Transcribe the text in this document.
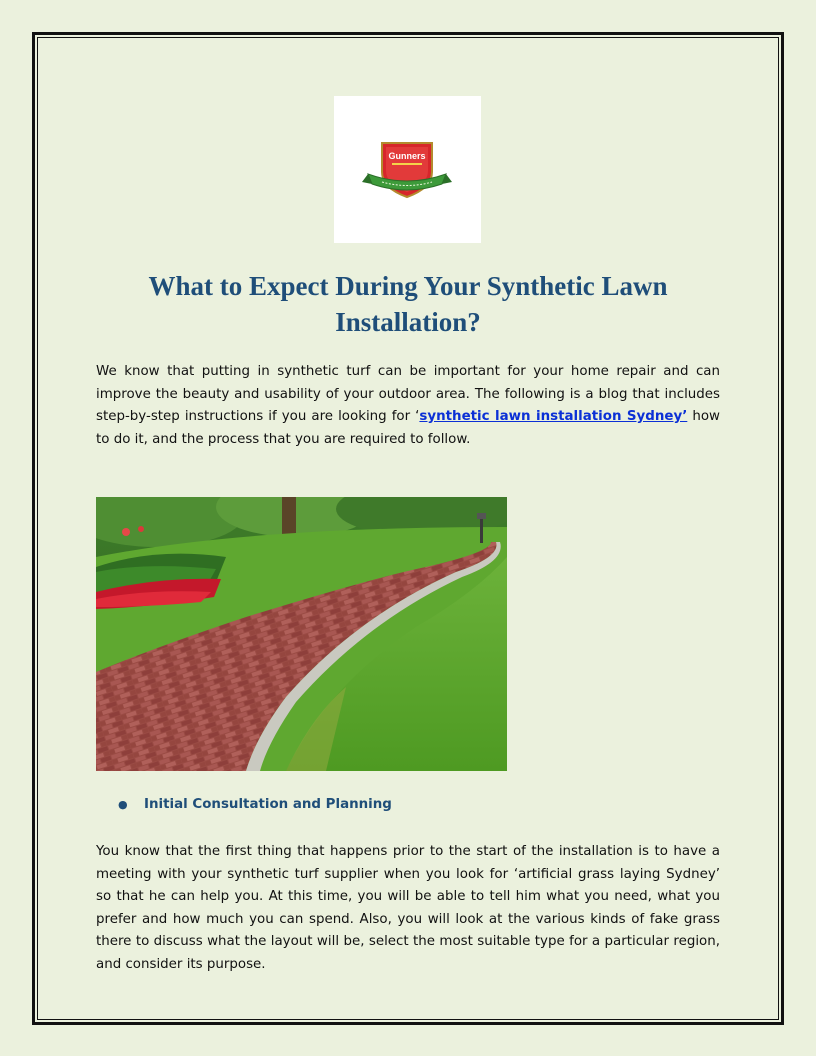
Gunners
What to Expect During Your Synthetic Lawn Installation?

We know that putting in synthetic turf can be important for your home repair and can improve the beauty and usability of your outdoor area. The following is a blog that includes step-by-step instructions if you are looking for ‘synthetic lawn installation Sydney’ how to do it, and the process that you are required to follow.

●	Initial Consultation and Planning

You know that the first thing that happens prior to the start of the installation is to have a meeting with your synthetic turf supplier when you look for ‘artificial grass laying Sydney’ so that he can help you. At this time, you will be able to tell him what you need, what you prefer and how much you can spend. Also, you will look at the various kinds of fake grass there to discuss what the layout will be, select the most suitable type for a particular region, and consider its purpose.
